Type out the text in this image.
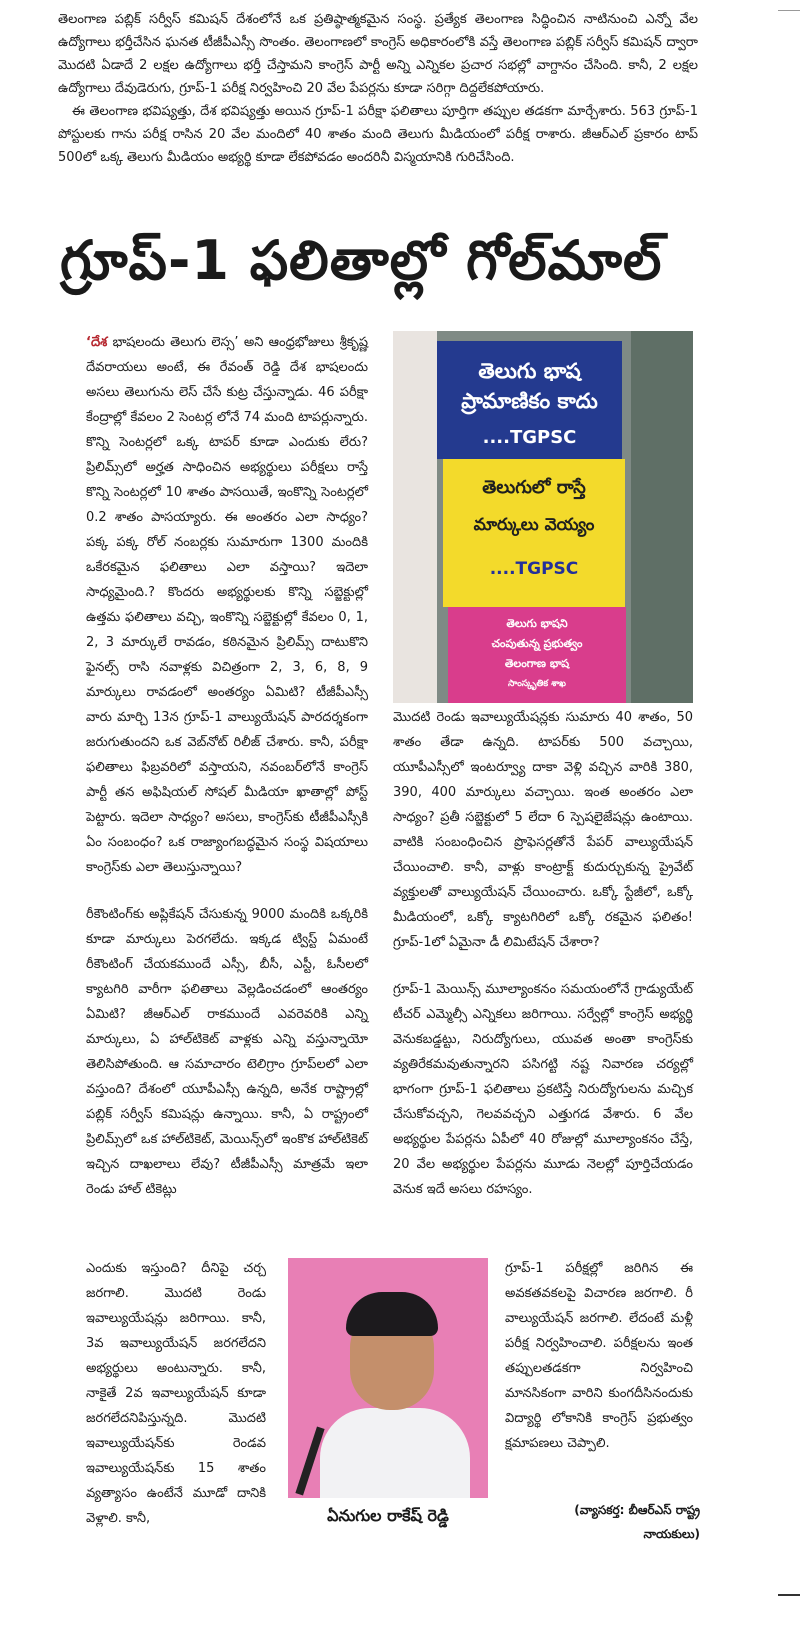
తెలంగాణ పబ్లిక్ సర్వీస్ కమిషన్ దేశంలోనే ఒక ప్రతిష్ఠాత్మకమైన సంస్థ. ప్రత్యేక తెలంగాణ సిద్ధించిన నాటినుంచి ఎన్నో వేల ఉద్యోగాలు భర్తీచేసిన ఘనత టీజీపీఎస్సీ సొంతం. తెలంగాణలో కాంగ్రెస్ అధికారంలోకి వస్తే తెలంగాణ పబ్లిక్ సర్వీస్ కమిషన్ ద్వారా మొదటి ఏడాదే 2 లక్షల ఉద్యోగాలు భర్తీ చేస్తామని కాంగ్రెస్ పార్టీ అన్ని ఎన్నికల ప్రచార సభల్లో వాగ్దానం చేసింది. కానీ, 2 లక్షల ఉద్యోగాలు దేవుడెరుగు, గ్రూప్-1 పరీక్ష నిర్వహించి 20 వేల పేపర్లను కూడా సరిగ్గా దిద్దలేకపోయారు.

ఈ తెలంగాణ భవిష్యత్తు, దేశ భవిష్యత్తు అయిన గ్రూప్-1 పరీక్షా ఫలితాలు పూర్తిగా తప్పుల తడకగా మార్చేశారు. 563 గ్రూప్-1 పోస్టులకు గాను పరీక్ష రాసిన 20 వేల మందిలో 40 శాతం మంది తెలుగు మీడియంలో పరీక్ష రాశారు. జీఆర్ఎల్ ప్రకారం టాప్ 500లో ఒక్క తెలుగు మీడియం అభ్యర్థి కూడా లేకపోవడం అందరినీ విస్మయానికి గురిచేసింది.

గ్రూప్-1 ఫలితాల్లో గోల్‌మాల్

‘దేశ భాషలందు తెలుగు లెస్స’ అని ఆంధ్రభోజులు శ్రీకృష్ణ దేవరాయలు అంటే, ఈ రేవంత్ రెడ్డి దేశ భాషలందు అసలు తెలుగును లెస్ చేసే కుట్ర చేస్తున్నాడు. 46 పరీక్షా కేంద్రాల్లో కేవలం 2 సెంటర్ల లోనే 74 మంది టాపర్లున్నారు. కొన్ని సెంటర్లలో ఒక్క టాపర్ కూడా ఎందుకు లేరు? ప్రిలిమ్స్‌లో అర్హత సాధించిన అభ్యర్థులు పరీక్షలు రాస్తే కొన్ని సెంటర్లలో 10 శాతం పాసయితే, ఇంకొన్ని సెంటర్లలో 0.2 శాతం పాసయ్యారు. ఈ అంతరం ఎలా సాధ్యం? పక్క పక్క రోల్ నంబర్లకు సుమారుగా 1300 మందికి ఒకేరకమైన ఫలితాలు ఎలా వస్తాయి? ఇదెలా సాధ్యమైంది.? కొందరు అభ్యర్థులకు కొన్ని సబ్జెక్టుల్లో ఉత్తమ ఫలితాలు వచ్చి, ఇంకొన్ని సబ్జెక్టుల్లో కేవలం 0, 1, 2, 3 మార్కులే రావడం, కఠినమైన ప్రిలిమ్స్ దాటుకొని ఫైనల్స్ రాసి నవాళ్లకు విచిత్రంగా 2, 3, 6, 8, 9 మార్కులు రావడంలో అంతర్యం ఏమిటి? టీజీపీఎస్సీ వారు మార్చి 13న గ్రూప్-1 వాల్యుయేషన్ పారదర్శకంగా జరుగుతుందని ఒక వెబ్‌నోట్ రిలీజ్ చేశారు. కానీ, పరీక్షా ఫలితాలు ఫిబ్రవరిలో వస్తాయని, నవంబర్‌లోనే కాంగ్రెస్ పార్టీ తన అఫిషియల్ సోషల్ మీడియా ఖాతాల్లో పోస్ట్ పెట్టారు. ఇదెలా సాధ్యం? అసలు, కాంగ్రెస్‌కు టీజీపీఎస్సీకి ఏం సంబంధం? ఒక రాజ్యాంగబద్ధమైన సంస్థ విషయాలు కాంగ్రెస్‌కు ఎలా తెలుస్తున్నాయి?

రీకౌంటింగ్‌కు అప్లికేషన్ చేసుకున్న 9000 మందికి ఒక్కరికి కూడా మార్కులు పెరగలేదు. ఇక్కడ ట్విస్ట్ ఏమంటే రీకౌంటింగ్ చేయకముందే ఎస్సీ, బీసీ, ఎస్టీ, ఓసీలలో క్యాటగిరి వారీగా ఫలితాలు వెల్లడించడంలో ఆంతర్యం ఏమిటి? జీఆర్ఎల్ రాకముందే ఎవరెవరికి ఎన్ని మార్కులు, ఏ హాల్‌టికెట్ వాళ్లకు ఎన్ని వస్తున్నాయో తెలిసిపోతుంది. ఆ సమాచారం టెలిగ్రాం గ్రూప్‌లలో ఎలా వస్తుంది? దేశంలో యూపీఎస్సీ ఉన్నది, అనేక రాష్ట్రాల్లో పబ్లిక్ సర్వీస్ కమిషన్లు ఉన్నాయి. కానీ, ఏ రాష్ట్రంలో ప్రిలిమ్స్‌లో ఒక హాల్‌టికెట్, మెయిన్స్‌లో ఇంకొక హాల్‌టికెట్ ఇచ్చిన దాఖలాలు లేవు? టీజీపీఎస్సీ మాత్రమే ఇలా రెండు హాల్ టికెట్లు

ఎందుకు ఇస్తుంది? దీనిపై చర్చ జరగాలి. మొదటి రెండు ఇవాల్యుయేషన్లు జరిగాయి. కానీ, 3వ ఇవాల్యుయేషన్ జరగలేదని అభ్యర్థులు అంటున్నారు. కానీ, నాకైతే 2వ ఇవాల్యుయేషన్ కూడా జరగలేదనిపిస్తున్నది. మొదటి ఇవాల్యుయేషన్‌కు రెండవ ఇవాల్యుయేషన్‌కు 15 శాతం వ్యత్యాసం ఉంటేనే మూడో దానికి వెళ్లాలి. కానీ,

తెలుగు భాష
ప్రామాణికం కాదు
....TGPSC
తెలుగులో రాస్తే
మార్కులు వెయ్యం
....TGPSC
తెలుగు భాషని
చంపుతున్న ప్రభుత్వం
తెలంగాణ భాష
సాంస్కృతిక శాఖ

మొదటి రెండు ఇవాల్యుయేషన్లకు సుమారు 40 శాతం, 50 శాతం తేడా ఉన్నది. టాపర్‌కు 500 వచ్చాయి, యూపీఎస్సీలో ఇంటర్వ్యూ దాకా వెళ్లి వచ్చిన వారికి 380, 390, 400 మార్కులు వచ్చాయి. ఇంత అంతరం ఎలా సాధ్యం? ప్రతీ సబ్జెక్టులో 5 లేదా 6 స్పెషలైజేషన్లు ఉంటాయి. వాటికి సంబంధించిన ప్రొఫెసర్లతోనే పేపర్ వాల్యుయేషన్ చేయించాలి. కానీ, వాళ్లు కాంట్రాక్ట్ కుదుర్చుకున్న ప్రైవేట్ వ్యక్తులతో వాల్యుయేషన్ చేయించారు. ఒక్కో స్టేజీలో, ఒక్కో మీడియంలో, ఒక్కో క్యాటగిరిలో ఒక్కో రకమైన ఫలితం! గ్రూప్-1లో ఏమైనా డీ లిమిటేషన్ చేశారా?

గ్రూప్-1 మెయిన్స్ మూల్యాంకనం సమయంలోనే గ్రాడ్యుయేట్ టీచర్ ఎమ్మెల్సీ ఎన్నికలు జరిగాయి. సర్వేల్లో కాంగ్రెస్ అభ్యర్థి వెనుకబడ్డట్టు, నిరుద్యోగులు, యువత అంతా కాంగ్రెస్‌కు వ్యతిరేకమవుతున్నారని పసిగట్టి నష్ట నివారణ చర్యల్లో భాగంగా గ్రూప్-1 ఫలితాలు ప్రకటిస్తే నిరుద్యోగులను మచ్చిక చేసుకోవచ్చని, గెలవవచ్చని ఎత్తుగడ వేశారు. 6 వేల అభ్యర్థుల పేపర్లను ఏపీలో 40 రోజుల్లో మూల్యాంకనం చేస్తే, 20 వేల అభ్యర్థుల పేపర్లను మూడు నెలల్లో పూర్తిచేయడం వెనుక ఇదే అసలు రహస్యం.

గ్రూప్-1 పరీక్షల్లో జరిగిన ఈ అవకతవకలపై విచారణ జరగాలి. రీ వాల్యుయేషన్ జరగాలి. లేదంటే మళ్లీ పరీక్ష నిర్వహించాలి. పరీక్షలను ఇంత తప్పులతడకగా నిర్వహించి మానసికంగా వారిని కుంగదీసినందుకు విద్యార్థి లోకానికి కాంగ్రెస్ ప్రభుత్వం క్షమాపణలు చెప్పాలి.

ఏనుగుల రాకేష్ రెడ్డి	(వ్యాసకర్త: బీఆర్ఎస్ రాష్ట్ర
నాయకులు)
